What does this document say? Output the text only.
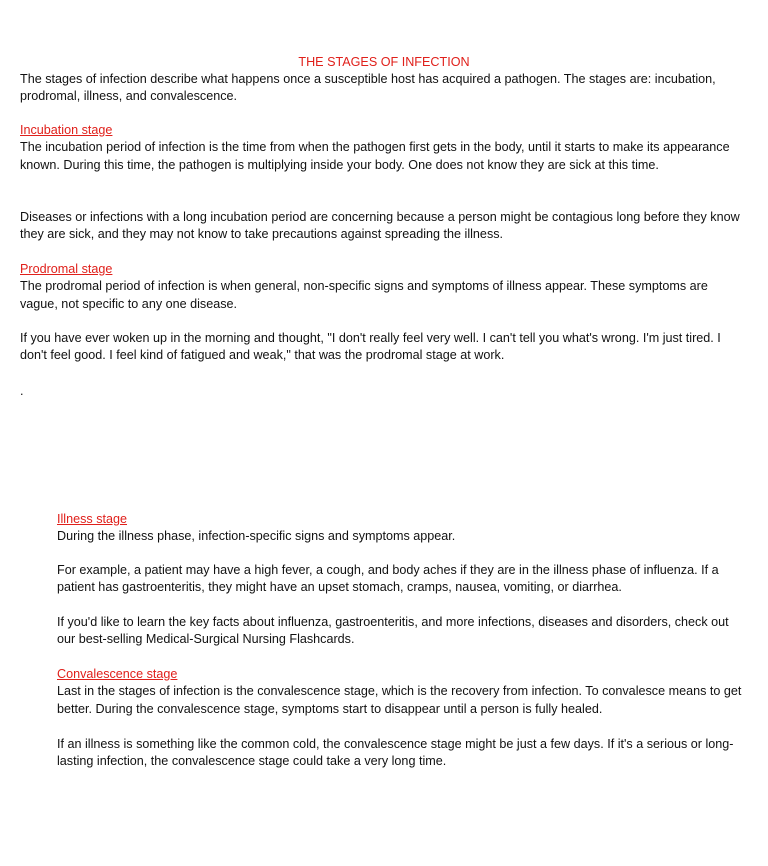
THE STAGES OF INFECTION

The stages of infection describe what happens once a susceptible host has acquired a pathogen. The stages are: incubation, prodromal, illness, and convalescence.

Incubation stage

The incubation period of infection is the time from when the pathogen first gets in the body, until it starts to make its appearance known. During this time, the pathogen is multiplying inside your body. One does not know they are sick at this time.

Diseases or infections with a long incubation period are concerning because a person might be contagious long before they know they are sick, and they may not know to take precautions against spreading the illness.

Prodromal stage

The prodromal period of infection is when general, non-specific signs and symptoms of illness appear. These symptoms are vague, not specific to any one disease.

If you have ever woken up in the morning and thought, "I don't really feel very well. I can't tell you what's wrong. I'm just tired. I don't feel good. I feel kind of fatigued and weak," that was the prodromal stage at work.

.

Illness stage

During the illness phase, infection-specific signs and symptoms appear.

For example, a patient may have a high fever, a cough, and body aches if they are in the illness phase of influenza. If a patient has gastroenteritis, they might have an upset stomach, cramps, nausea, vomiting, or diarrhea.

If you'd like to learn the key facts about influenza, gastroenteritis, and more infections, diseases and disorders, check out our best-selling Medical-Surgical Nursing Flashcards.

Convalescence stage

Last in the stages of infection is the convalescence stage, which is the recovery from infection. To convalesce means to get better. During the convalescence stage, symptoms start to disappear until a person is fully healed.

If an illness is something like the common cold, the convalescence stage might be just a few days. If it's a serious or long-lasting infection, the convalescence stage could take a very long time.
